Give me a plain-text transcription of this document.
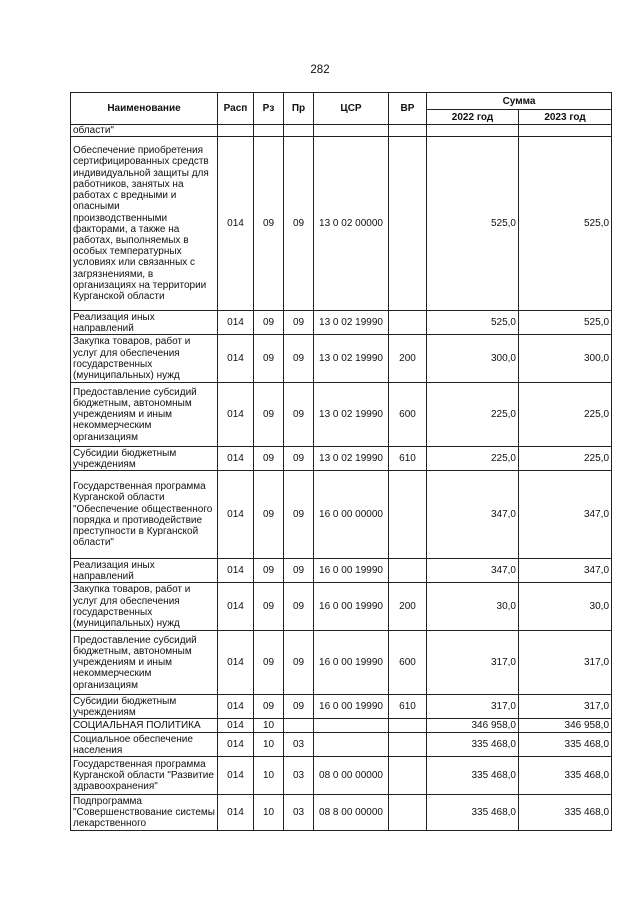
282
Наименование	Расп	Рз	Пр	ЦСР	ВР	Сумма	
						2022 год	2023 год
области"							
Обеспечение приобретения сертифицированных средств индивидуальной защиты для работников, занятых на работах с вредными и опасными производственными факторами, а также на работах, выполняемых в особых температурных условиях или связанных с загрязнениями, в организациях на территории Курганской области	014	09	09	13 0 02 00000		525,0	525,0
Реализация иных направлений	014	09	09	13 0 02 19990		525,0	525,0
Закупка товаров, работ и услуг для обеспечения государственных (муниципальных) нужд	014	09	09	13 0 02 19990	200	300,0	300,0
Предоставление субсидий бюджетным, автономным учреждениям и иным некоммерческим организациям	014	09	09	13 0 02 19990	600	225,0	225,0
Субсидии бюджетным учреждениям	014	09	09	13 0 02 19990	610	225,0	225,0
Государственная программа Курганской области "Обеспечение общественного порядка и противодействие преступности в Курганской области"	014	09	09	16 0 00 00000		347,0	347,0
Реализация иных направлений	014	09	09	16 0 00 19990		347,0	347,0
Закупка товаров, работ и услуг для обеспечения государственных (муниципальных) нужд	014	09	09	16 0 00 19990	200	30,0	30,0
Предоставление субсидий бюджетным, автономным учреждениям и иным некоммерческим организациям	014	09	09	16 0 00 19990	600	317,0	317,0
Субсидии бюджетным учреждениям	014	09	09	16 0 00 19990	610	317,0	317,0
СОЦИАЛЬНАЯ ПОЛИТИКА	014	10				346 958,0	346 958,0
Социальное обеспечение населения	014	10	03			335 468,0	335 468,0
Государственная программа Курганской области "Развитие здравоохранения"	014	10	03	08 0 00 00000		335 468,0	335 468,0
Подпрограмма "Совершенствование системы лекарственного	014	10	03	08 8 00 00000		335 468,0	335 468,0
